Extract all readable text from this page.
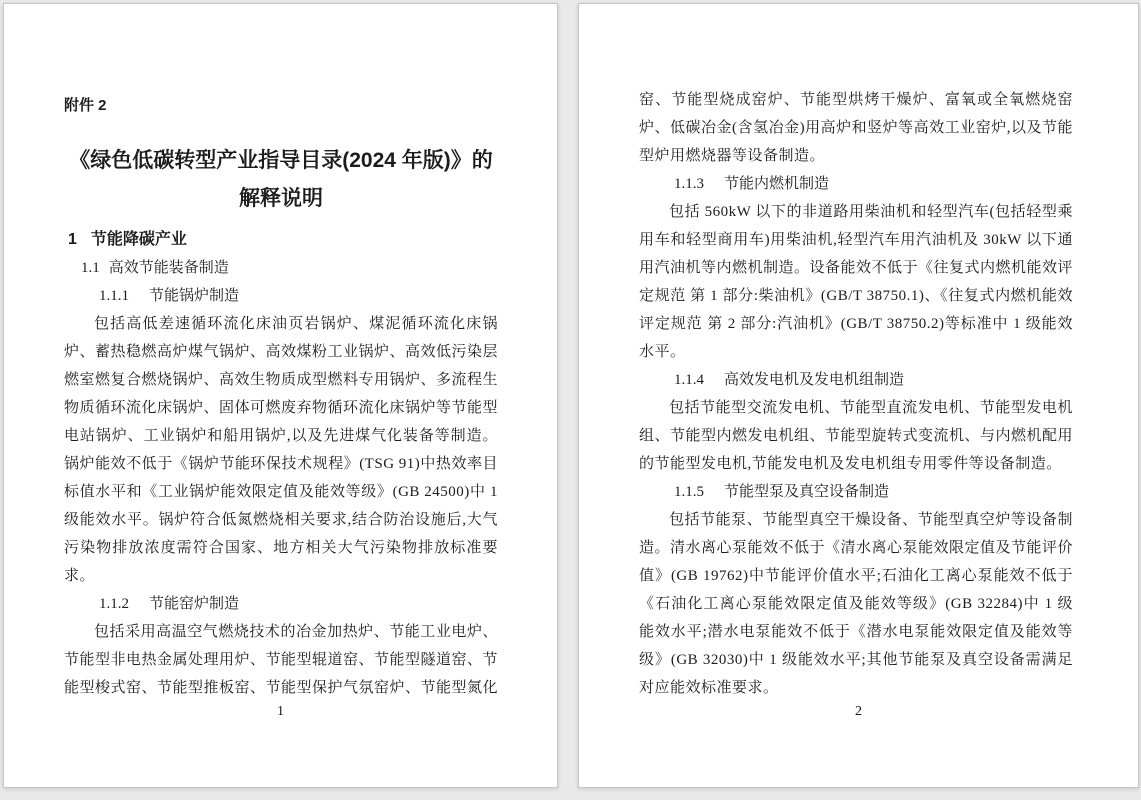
附件 2
《绿色低碳转型产业指导目录(2024 年版)》的
解释说明
1 节能降碳产业
1.1 高效节能装备制造
1.1.1 节能锅炉制造
包括高低差速循环流化床油页岩锅炉、煤泥循环流化床锅炉、蓄热稳燃高炉煤气锅炉、高效煤粉工业锅炉、高效低污染层燃室燃复合燃烧锅炉、高效生物质成型燃料专用锅炉、多流程生物质循环流化床锅炉、固体可燃废弃物循环流化床锅炉等节能型电站锅炉、工业锅炉和船用锅炉,以及先进煤气化装备等制造。锅炉能效不低于《锅炉节能环保技术规程》(TSG 91)中热效率目标值水平和《工业锅炉能效限定值及能效等级》(GB 24500)中 1 级能效水平。锅炉符合低氮燃烧相关要求,结合防治设施后,大气污染物排放浓度需符合国家、地方相关大气污染物排放标准要求。
1.1.2 节能窑炉制造
包括采用高温空气燃烧技术的冶金加热炉、节能工业电炉、节能型非电热金属处理用炉、节能型辊道窑、节能型隧道窑、节能型梭式窑、节能型推板窑、节能型保护气氛窑炉、节能型氮化
1
窑、节能型烧成窑炉、节能型烘烤干燥炉、富氧或全氧燃烧窑炉、低碳冶金(含氢冶金)用高炉和竖炉等高效工业窑炉,以及节能型炉用燃烧器等设备制造。
1.1.3 节能内燃机制造
包括 560kW 以下的非道路用柴油机和轻型汽车(包括轻型乘用车和轻型商用车)用柴油机,轻型汽车用汽油机及 30kW 以下通用汽油机等内燃机制造。设备能效不低于《往复式内燃机能效评定规范 第 1 部分:柴油机》(GB/T 38750.1)、《往复式内燃机能效评定规范 第 2 部分:汽油机》(GB/T 38750.2)等标准中 1 级能效水平。
1.1.4 高效发电机及发电机组制造
包括节能型交流发电机、节能型直流发电机、节能型发电机组、节能型内燃发电机组、节能型旋转式变流机、与内燃机配用的节能型发电机,节能发电机及发电机组专用零件等设备制造。
1.1.5 节能型泵及真空设备制造
包括节能泵、节能型真空干燥设备、节能型真空炉等设备制造。清水离心泵能效不低于《清水离心泵能效限定值及节能评价值》(GB 19762)中节能评价值水平;石油化工离心泵能效不低于《石油化工离心泵能效限定值及能效等级》(GB 32284)中 1 级能效水平;潜水电泵能效不低于《潜水电泵能效限定值及能效等级》(GB 32030)中 1 级能效水平;其他节能泵及真空设备需满足对应能效标准要求。
2
